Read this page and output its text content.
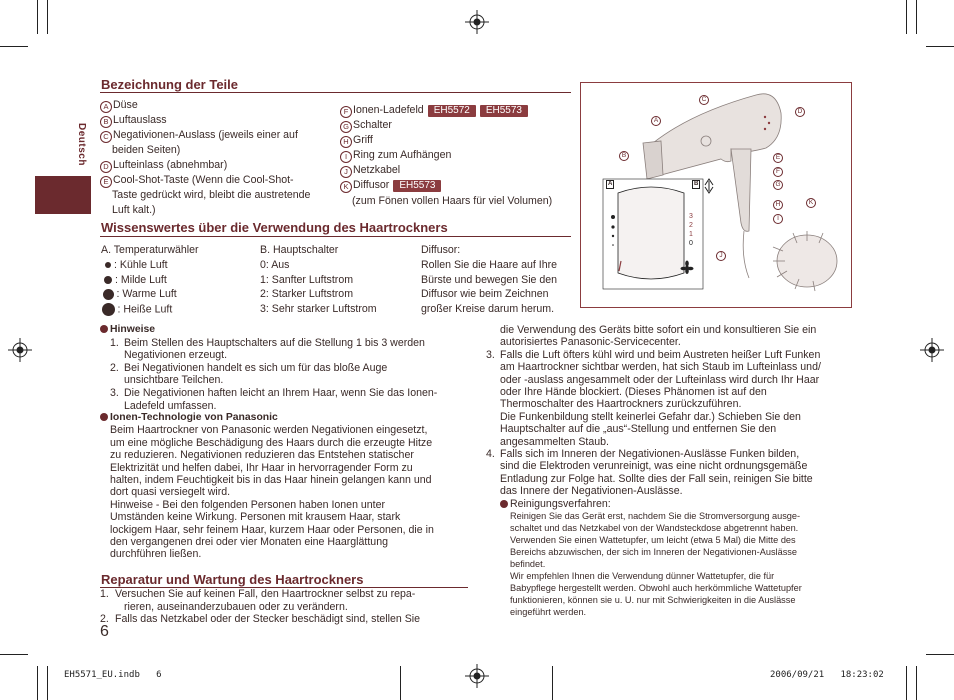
Deutsch
Bezeichnung der Teile
A Düse
B Luftauslass
C Negativionen-Auslass (jeweils einer auf
beiden Seiten)
D Lufteinlass (abnehmbar)
E Cool-Shot-Taste (Wenn die Cool-Shot-
Taste gedrückt wird, bleibt die austretende
Luft kalt.)
F Ionen-Ladefeld EH5572 EH5573
G Schalter
H Griff
I Ring zum Aufhängen
J Netzkabel
K Diffusor EH5573
(zum Fönen vollen Haars für viel Volumen)
Wissenswertes über die Verwendung des Haartrockners
A. Temperaturwähler
: Kühle Luft
: Milde Luft
: Warme Luft
: Heiße Luft
B. Hauptschalter
0: Aus
1: Sanfter Luftstrom
2: Starker Luftstrom
3: Sehr starker Luftstrom
Diffusor:
Rollen Sie die Haare auf Ihre
Bürste und bewegen Sie den
Diffusor wie beim Zeichnen
großer Kreise darum herum.
A
B
C
D
E
F
G
H
I
J
K
A	B
3
2
1
0
Hinweise
1. Beim Stellen des Hauptschalters auf die Stellung 1 bis 3 werden
Negativionen erzeugt.
2. Bei Negativionen handelt es sich um für das bloße Auge
unsichtbare Teilchen.
3. Die Negativionen haften leicht an Ihrem Haar, wenn Sie das Ionen-
Ladefeld umfassen.
Ionen-Technologie von Panasonic
Beim Haartrockner von Panasonic werden Negativionen eingesetzt,
um eine mögliche Beschädigung des Haars durch die erzeugte Hitze
zu reduzieren. Negativionen reduzieren das Entstehen statischer
Elektrizität und helfen dabei, Ihr Haar in hervorragender Form zu
halten, indem Feuchtigkeit bis in das Haar hinein gelangen kann und
dort quasi versiegelt wird.
Hinweise - Bei den folgenden Personen haben Ionen unter
Umständen keine Wirkung. Personen mit krausem Haar, stark
lockigem Haar, sehr feinem Haar, kurzem Haar oder Personen, die in
den vergangenen drei oder vier Monaten eine Haarglättung
durchführen ließen.
Reparatur und Wartung des Haartrockners
1. Versuchen Sie auf keinen Fall, den Haartrockner selbst zu repa-
rieren, auseinanderzubauen oder zu verändern.
2. Falls das Netzkabel oder der Stecker beschädigt sind, stellen Sie
6
die Verwendung des Geräts bitte sofort ein und konsultieren Sie ein
autorisiertes Panasonic-Servicecenter.
3. Falls die Luft öfters kühl wird und beim Austreten heißer Luft Funken
am Haartrockner sichtbar werden, hat sich Staub im Lufteinlass und/
oder -auslass angesammelt oder der Lufteinlass wird durch Ihr Haar
oder Ihre Hände blockiert. (Dieses Phänomen ist auf den
Thermoschalter des Haartrockners zurückzuführen.
Die Funkenbildung stellt keinerlei Gefahr dar.) Schieben Sie den
Hauptschalter auf die „aus“-Stellung und entfernen Sie den
angesammelten Staub.
4. Falls sich im Inneren der Negativionen-Auslässe Funken bilden,
sind die Elektroden verunreinigt, was eine nicht ordnungsgemäße
Entladung zur Folge hat. Sollte dies der Fall sein, reinigen Sie bitte
das Innere der Negativionen-Auslässe.
Reinigungsverfahren:
Reinigen Sie das Gerät erst, nachdem Sie die Stromversorgung ausge-
schaltet und das Netzkabel von der Wandsteckdose abgetrennt haben.
Verwenden Sie einen Wattetupfer, um leicht (etwa 5 Mal) die Mitte des
Bereichs abzuwischen, der sich im Inneren der Negativionen-Auslässe
befindet.
Wir empfehlen Ihnen die Verwendung dünner Wattetupfer, die für
Babypflege hergestellt werden. Obwohl auch herkömmliche Wattetupfer
funktionieren, können sie u. U. nur mit Schwierigkeiten in die Auslässe
eingeführt werden.
EH5571_EU.indb   6	2006/09/21   18:23:02
